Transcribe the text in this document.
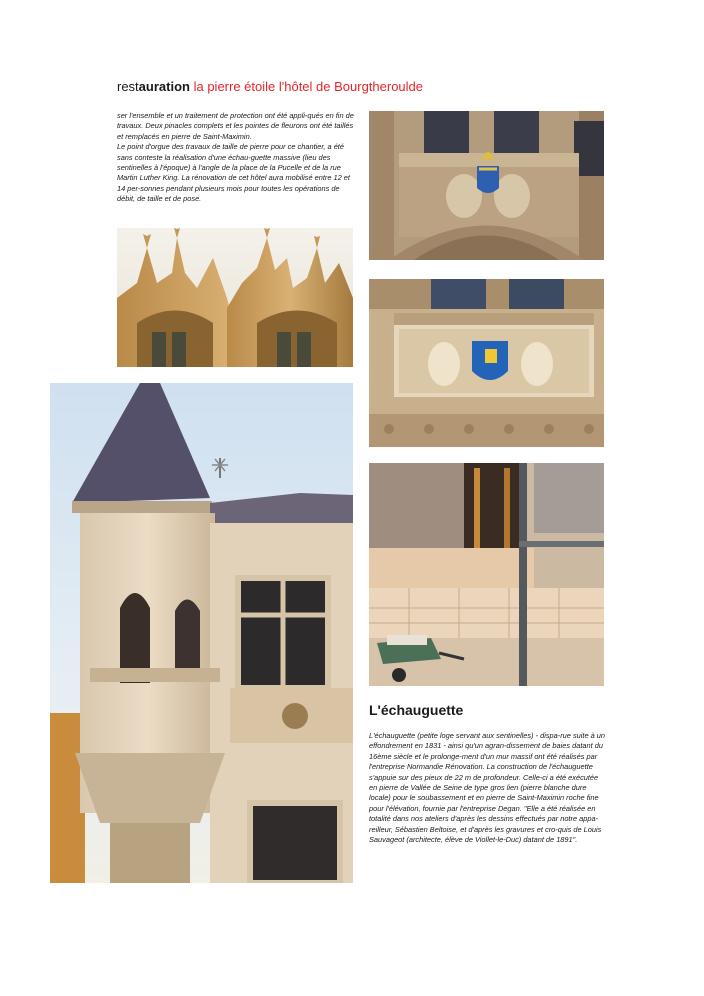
restauration la pierre étoile l'hôtel de Bourgtheroulde

ser l'ensemble et un traitement de protection ont été appli-qués en fin de travaux. Deux pinacles complets et les pointes de fleurons ont été taillés et remplacés en pierre de Saint-Maximin.

Le point d'orgue des travaux de taille de pierre pour ce chantier, a été sans conteste la réalisation d'une échau-guette massive (lieu des sentinelles à l'époque) à l'angle de la place de la Pucelle et de la rue Martin Luther King. La rénovation de cet hôtel aura mobilisé entre 12 et 14 per-sonnes pendant plusieurs mois pour toutes les opérations de débit, de taille et de pose.

L'échauguette

L'échauguette (petite loge servant aux sentinelles) - dispa-rue suite à un effondrement en 1831 - ainsi qu'un agran-dissement de baies datant du 16ème siècle et le prolonge-ment d'un mur massif ont été réalisés par l'entreprise Normandie Rénovation. La construction de l'échauguette s'appuie sur des pieux de 22 m de profondeur. Celle-ci a été exécutée en pierre de Vallée de Seine de type gros lien (pierre blanche dure locale) pour le soubassement et en pierre de Saint-Maximin roche fine pour l'élévation, fournie par l'entreprise Degan. "Elle a été réalisée en totalité dans nos ateliers d'après les dessins effectués par notre appa-reilleur, Sébastien Beltoise, et d'après les gravures et cro-quis de Louis Sauvageot (architecte, élève de Viollet-le-Duc) datant de 1891".
